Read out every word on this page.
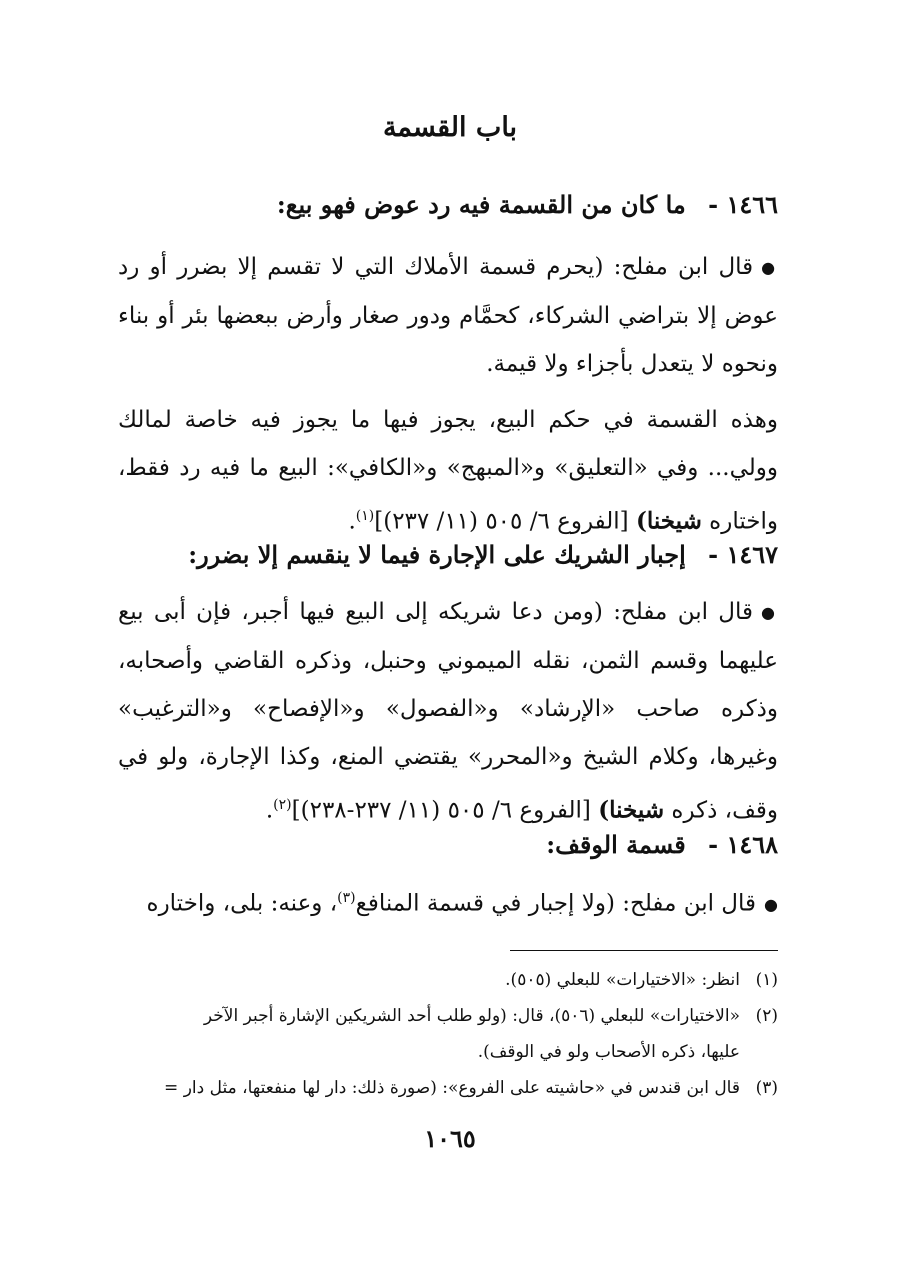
باب القسمة
١٤٦٦ - ما كان من القسمة فيه رد عوض فهو بيع:

●قال ابن مفلح: (يحرم قسمة الأملاك التي لا تقسم إلا بضرر أو رد عوض إلا بتراضي الشركاء، كحمَّام ودور صغار وأرض ببعضها بئر أو بناء ونحوه لا يتعدل بأجزاء ولا قيمة.

وهذه القسمة في حكم البيع، يجوز فيها ما يجوز فيه خاصة لمالك وولي... وفي «التعليق» و«المبهج» و«الكافي»: البيع ما فيه رد فقط، واختاره شيخنا) [الفروع ٦/ ٥٠٥ (١١/ ٢٣٧)]$^{(١)}$.

١٤٦٧ - إجبار الشريك على الإجارة فيما لا ينقسم إلا بضرر:

●قال ابن مفلح: (ومن دعا شريكه إلى البيع فيها أجبر، فإن أبى بيع عليهما وقسم الثمن، نقله الميموني وحنبل، وذكره القاضي وأصحابه، وذكره صاحب «الإرشاد» و«الفصول» و«الإفصاح» و«الترغيب» وغيرها، وكلام الشيخ و«المحرر» يقتضي المنع، وكذا الإجارة، ولو في وقف، ذكره شيخنا) [الفروع ٦/ ٥٠٥ (١١/ ٢٣٧-٢٣٨)]$^{(٢)}$.

١٤٦٨ - قسمة الوقف:

●قال ابن مفلح: (ولا إجبار في قسمة المنافع$^{(٣)}$، وعنه: بلى، واختاره

(١)انظر: «الاختيارات» للبعلي (٥٠٥).
(٢)«الاختيارات» للبعلي (٥٠٦)، قال: (ولو طلب أحد الشريكين الإشارة أجبر الآخر
عليها، ذكره الأصحاب ولو في الوقف).
(٣)قال ابن قندس في «حاشيته على الفروع»: (صورة ذلك: دار لها منفعتها، مثل دار =
١٠٦٥
